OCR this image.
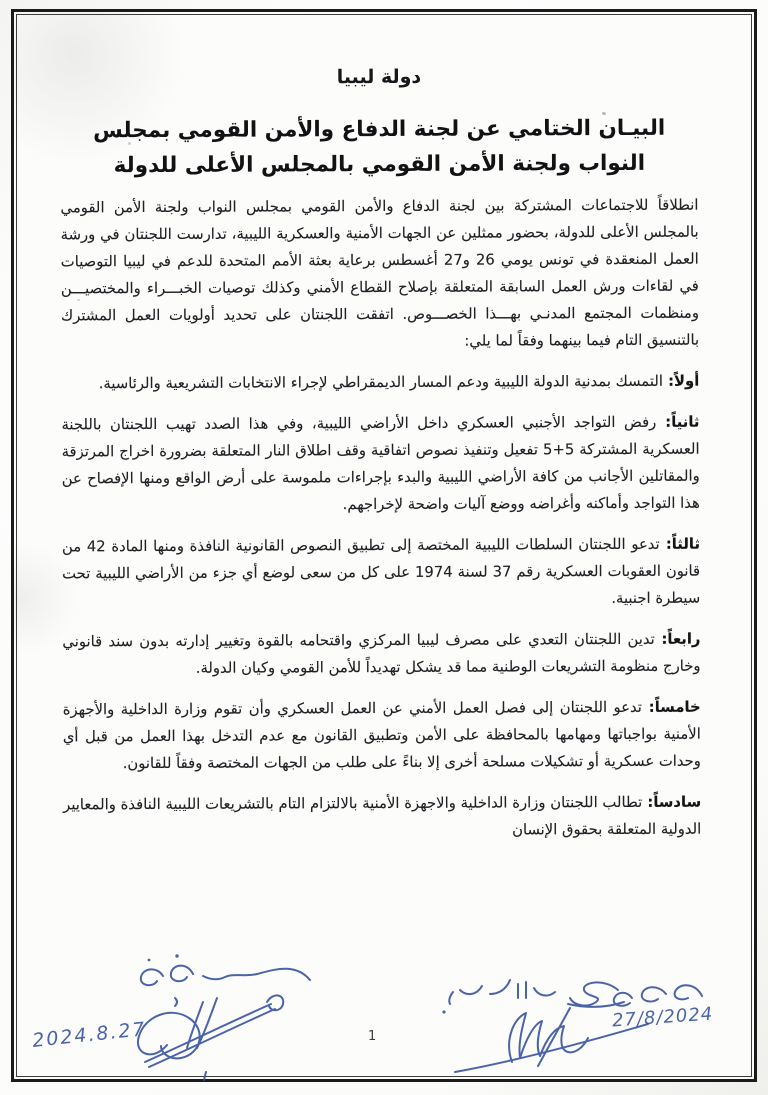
دولة ليبيا
البيـان الختامي عن لجنة الدفاع والأمن القومي بمجلس
النواب ولجنة الأمن القومي بالمجلس الأعلى للدولة

انطلاقاً للاجتماعات المشتركة بين لجنة الدفاع والأمن القومي بمجلس النواب ولجنة الأمن القومي بالمجلس الأعلى للدولة، بحضور ممثلين عن الجهات الأمنية والعسكرية الليبية، تدارست اللجنتان في ورشة العمل المنعقدة في تونس يومي 26 و27 أغسطس برعاية بعثة الأمم المتحدة للدعم في ليبيا التوصيات في لقاءات ورش العمل السابقة المتعلقة بإصلاح القطاع الأمني وكذلك توصيات الخبـــراء والمختصيـــن ومنظمات المجتمع المدنـي بهـــذا الخصـــوص. اتفقت اللجنتان على تحديد أولويات العمل المشترك بالتنسيق التام فيما بينهما وفقاً لما يلي:

أولاً: التمسك بمدنية الدولة الليبية ودعم المسار الديمقراطي لإجراء الانتخابات التشريعية والرئاسية.

ثانياً: رفض التواجد الأجنبي العسكري داخل الأراضي الليبية، وفي هذا الصدد تهيب اللجنتان باللجنة العسكرية المشتركة 5+5 تفعيل وتنفيذ نصوص اتفاقية وقف اطلاق النار المتعلقة بضرورة اخراج المرتزقة والمقاتلين الأجانب من كافة الأراضي الليبية والبدء بإجراءات ملموسة على أرض الواقع ومنها الإفصاح عن هذا التواجد وأماكنه وأغراضه ووضع آليات واضحة لإخراجهم.

ثالثاً: تدعو اللجنتان السلطات الليبية المختصة إلى تطبيق النصوص القانونية النافذة ومنها المادة 42 من قانون العقوبات العسكرية رقم 37 لسنة 1974 على كل من سعى لوضع أي جزء من الأراضي الليبية تحت سيطرة اجنبية.

رابعاً: تدين اللجنتان التعدي على مصرف ليبيا المركزي واقتحامه بالقوة وتغيير إدارته بدون سند قانوني وخارج منظومة التشريعات الوطنية مما قد يشكل تهديداً للأمن القومي وكيان الدولة.

خامساً: تدعو اللجنتان إلى فصل العمل الأمني عن العمل العسكري وأن تقوم وزارة الداخلية والأجهزة الأمنية بواجباتها ومهامها بالمحافظة على الأمن وتطبيق القانون مع عدم التدخل بهذا العمل من قبل أي وحدات عسكرية أو تشكيلات مسلحة أخرى إلا بناءً على طلب من الجهات المختصة وفقاً للقانون.

سادساً: تطالب اللجنتان وزارة الداخلية والاجهزة الأمنية بالالتزام التام بالتشريعات الليبية النافذة والمعايير الدولية المتعلقة بحقوق الإنسان

2024.8.27
27/8/2024
1
